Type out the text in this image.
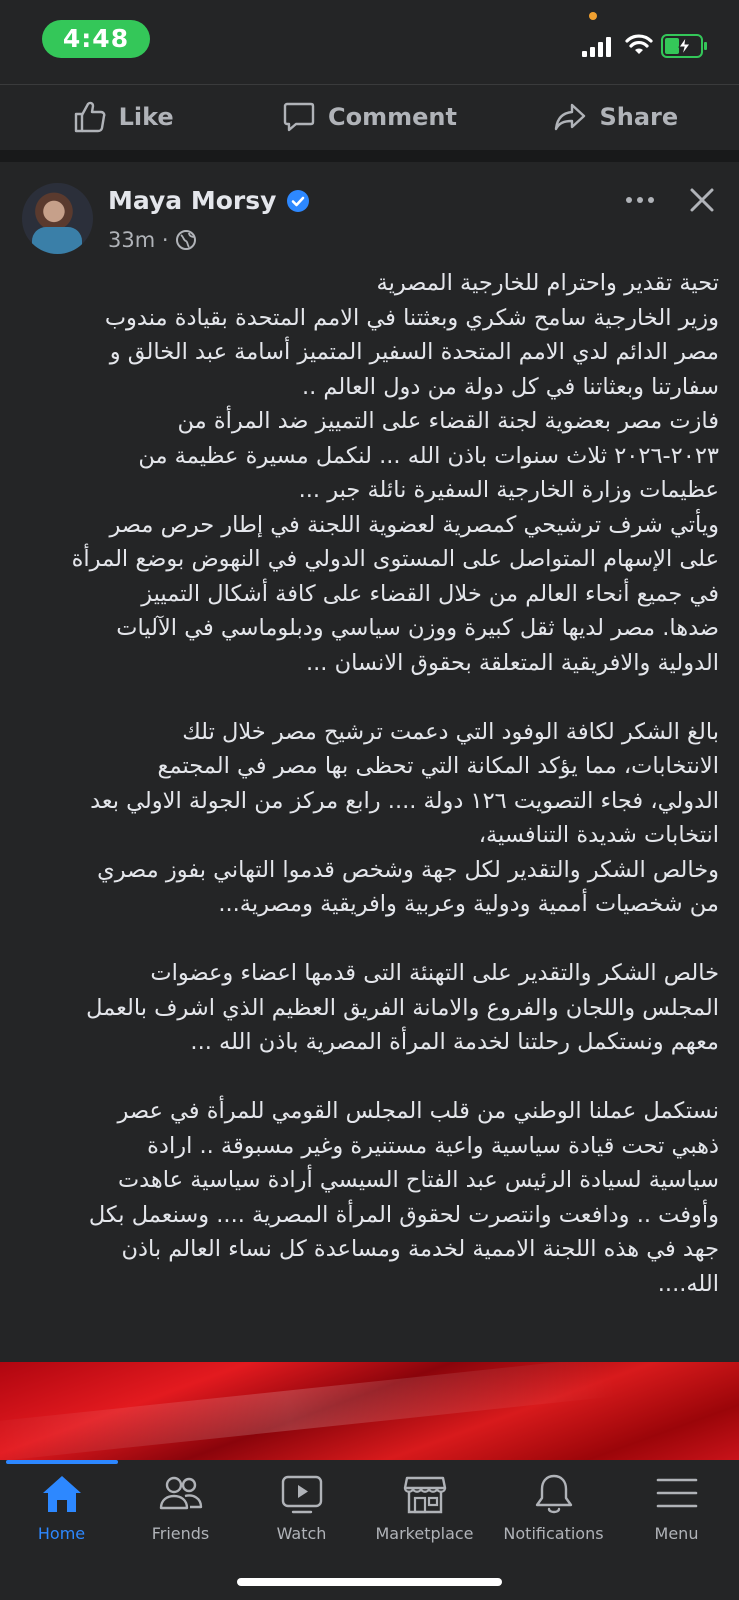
4:48
Like	Comment	Share
Maya Morsy
33m ·

تحية تقدير واحترام للخارجية المصرية

وزير الخارجية سامح شكري وبعثتنا في الامم المتحدة بقيادة مندوب

مصر الدائم لدي الامم المتحدة السفير المتميز أسامة عبد الخالق و

سفارتنا وبعثاتنا في كل دولة من دول العالم ..

فازت مصر بعضوية لجنة القضاء على التمييز ضد المرأة من

٢٠٢٣-٢٠٢٦ ثلاث سنوات باذن الله ... لنكمل مسيرة عظيمة من

عظيمات وزارة الخارجية السفيرة نائلة جبر ...

ويأتي شرف ترشيحي كمصرية لعضوية اللجنة في إطار حرص مصر

على الإسهام المتواصل على المستوى الدولي في النهوض بوضع المرأة

في جميع أنحاء العالم من خلال القضاء على كافة أشكال التمييز

ضدها. مصر لديها ثقل كبيرة ووزن سياسي ودبلوماسي في الآليات

الدولية والافريقية المتعلقة بحقوق الانسان ...

بالغ الشكر لكافة الوفود التي دعمت ترشيح مصر خلال تلك

الانتخابات، مما يؤكد المكانة التي تحظى بها مصر في المجتمع

الدولي، فجاء التصويت ١٢٦ دولة .... رابع مركز من الجولة الاولي بعد

انتخابات شديدة التنافسية،

وخالص الشكر والتقدير لكل جهة وشخص قدموا التهاني بفوز مصري

من شخصيات أممية ودولية وعربية وافريقية ومصرية...

خالص الشكر والتقدير على التهنئة التى قدمها اعضاء وعضوات

المجلس واللجان والفروع والامانة الفريق العظيم الذي اشرف بالعمل

معهم ونستكمل رحلتنا لخدمة المرأة المصرية باذن الله ...

نستكمل عملنا الوطني من قلب المجلس القومي للمرأة في عصر

ذهبي تحت قيادة سياسية واعية مستنيرة وغير مسبوقة .. ارادة

سياسية لسيادة الرئيس عبد الفتاح السيسي أرادة سياسية عاهدت

وأوفت .. ودافعت وانتصرت لحقوق المرأة المصرية .... وسنعمل بكل

جهد في هذه اللجنة الاممية لخدمة ومساعدة كل نساء العالم باذن

الله....

Home	Friends	Watch	Marketplace Notifications	Menu
